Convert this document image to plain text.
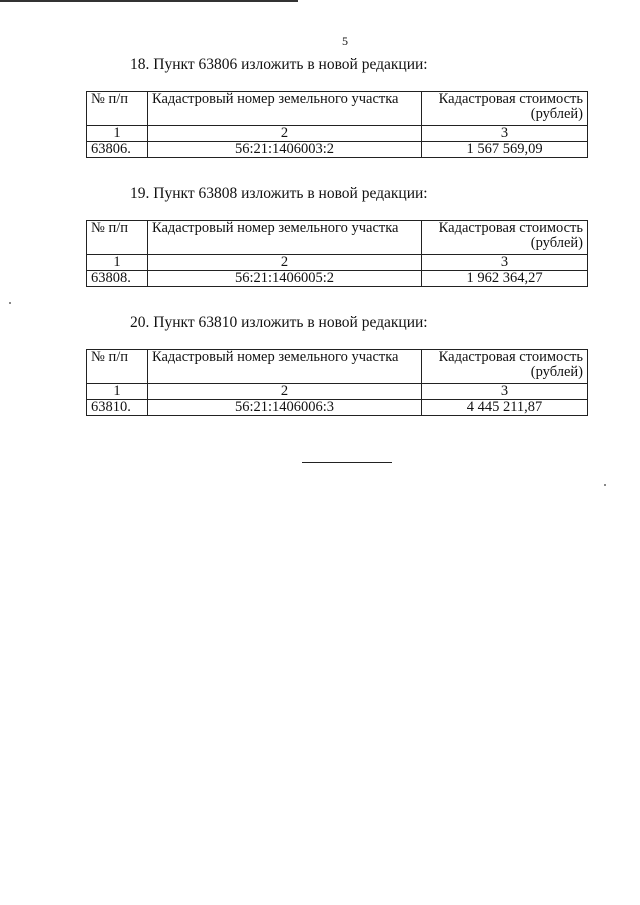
5

18. Пункт 63806 изложить в новой редакции:

№ п/п	Кадастровый номер земельного участка	Кадастровая стоимость (рублей)
1	2	3
63806.	56:21:1406003:2	1 567 569,09

19. Пункт 63808 изложить в новой редакции:

№ п/п	Кадастровый номер земельного участка	Кадастровая стоимость (рублей)
1	2	3
63808.	56:21:1406005:2	1 962 364,27

20. Пункт 63810 изложить в новой редакции:

№ п/п	Кадастровый номер земельного участка	Кадастровая стоимость (рублей)
1	2	3
63810.	56:21:1406006:3	4 445 211,87
